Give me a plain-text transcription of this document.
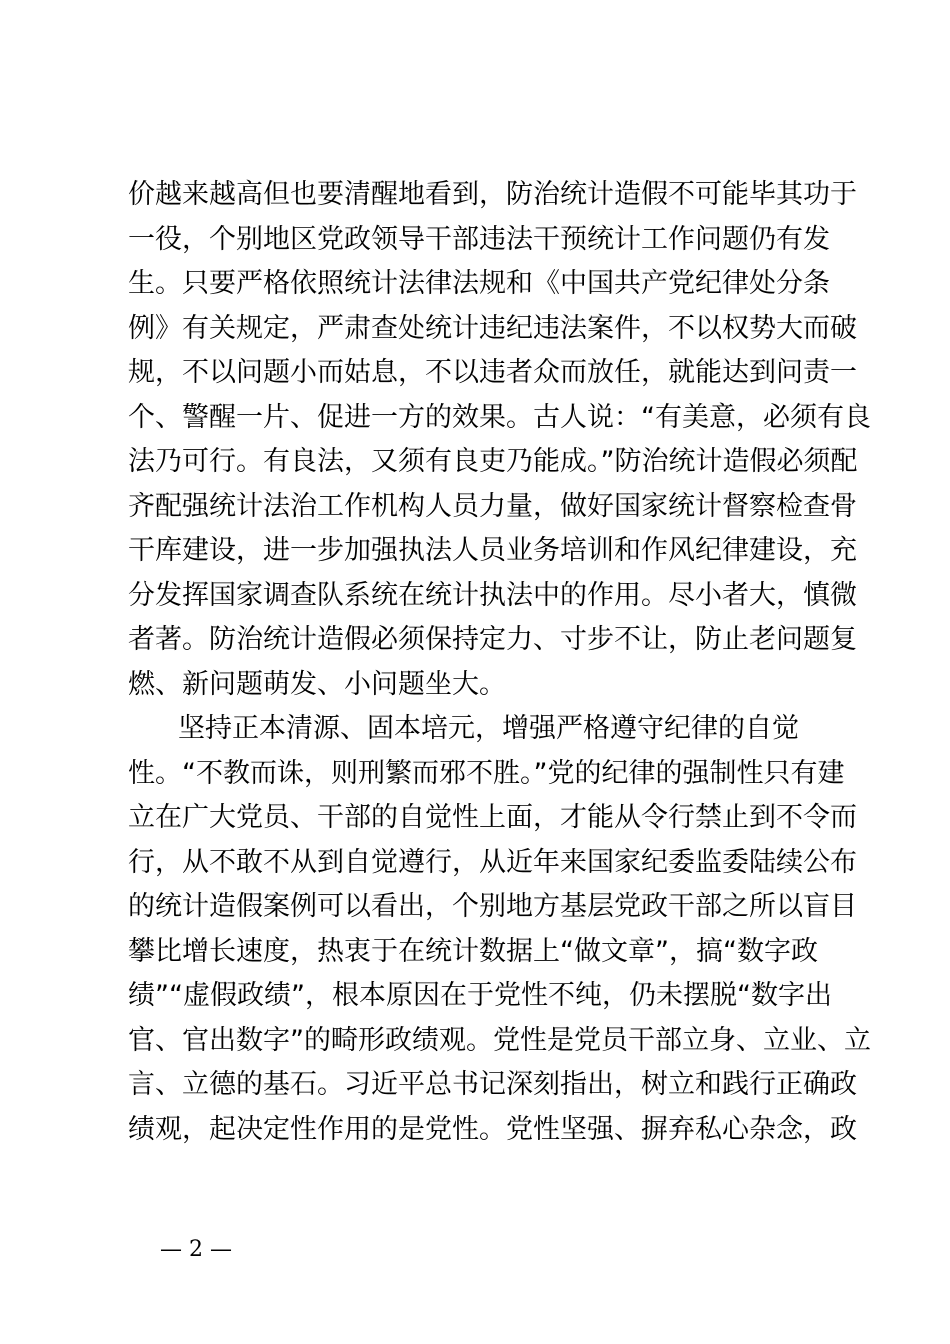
价越来越高但也要清醒地看到，防治统计造假不可能毕其功于
一役，个别地区党政领导干部违法干预统计工作问题仍有发
生。只要严格依照统计法律法规和《中国共产党纪律处分条
例》有关规定，严肃查处统计违纪违法案件，不以权势大而破
规，不以问题小而姑息，不以违者众而放任，就能达到问责一
个、警醒一片、促进一方的效果。古人说：“有美意，必须有良
法乃可行。有良法，又须有良吏乃能成。”防治统计造假必须配
齐配强统计法治工作机构人员力量，做好国家统计督察检查骨
干库建设，进一步加强执法人员业务培训和作风纪律建设，充
分发挥国家调查队系统在统计执法中的作用。尽小者大，慎微
者著。防治统计造假必须保持定力、寸步不让，防止老问题复
燃、新问题萌发、小问题坐大。
坚持正本清源、固本培元，增强严格遵守纪律的自觉
性。“不教而诛，则刑繁而邪不胜。”党的纪律的强制性只有建
立在广大党员、干部的自觉性上面，才能从令行禁止到不令而
行，从不敢不从到自觉遵行，从近年来国家纪委监委陆续公布
的统计造假案例可以看出，个别地方基层党政干部之所以盲目
攀比增长速度，热衷于在统计数据上“做文章”，搞“数字政
绩”“虚假政绩”，根本原因在于党性不纯，仍未摆脱“数字出
官、官出数字”的畸形政绩观。党性是党员干部立身、立业、立
言、立德的基石。习近平总书记深刻指出，树立和践行正确政
绩观，起决定性作用的是党性。党性坚强、摒弃私心杂念，政
— 2 —
